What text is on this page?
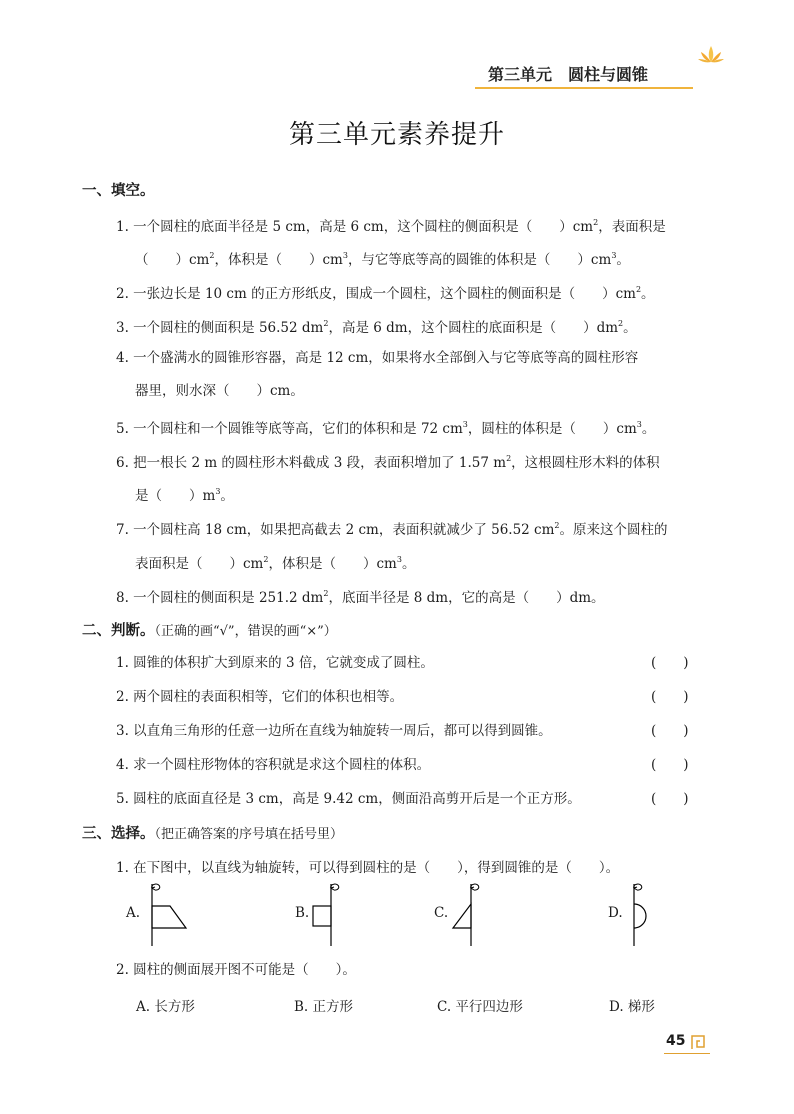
第三单元 圆柱与圆锥
第三单元素养提升
一、填空。
1. 一个圆柱的底面半径是 5 cm，高是 6 cm，这个圆柱的侧面积是（　　）$cm^2$，表面积是
（　　）$cm^2$，体积是（　　）$cm^3$，与它等底等高的圆锥的体积是（　　）$cm^3$。
2. 一张边长是 10 cm 的正方形纸皮，围成一个圆柱，这个圆柱的侧面积是（　　）$cm^2$。
3. 一个圆柱的侧面积是 56.52 $dm^2$，高是 6 dm，这个圆柱的底面积是（　　）$dm^2$。
4. 一个盛满水的圆锥形容器，高是 12 cm，如果将水全部倒入与它等底等高的圆柱形容
器里，则水深（　　）cm。
5. 一个圆柱和一个圆锥等底等高，它们的体积和是 72 $cm^3$，圆柱的体积是（　　）$cm^3$。
6. 把一根长 2 m 的圆柱形木料截成 3 段，表面积增加了 1.57 $m^2$，这根圆柱形木料的体积
是（　　）$m^3$。
7. 一个圆柱高 18 cm，如果把高截去 2 cm，表面积就减少了 56.52 $cm^2$。原来这个圆柱的
表面积是（　　）$cm^2$，体积是（　　）$cm^3$。
8. 一个圆柱的侧面积是 251.2 $dm^2$，底面半径是 8 dm，它的高是（　　）dm。
二、判断。（正确的画“√”，错误的画“×”）
1. 圆锥的体积扩大到原来的 3 倍，它就变成了圆柱。	(　　)
2. 两个圆柱的表面积相等，它们的体积也相等。	(　　)
3. 以直角三角形的任意一边所在直线为轴旋转一周后，都可以得到圆锥。	(　　)
4. 求一个圆柱形物体的容积就是求这个圆柱的体积。	(　　)
5. 圆柱的底面直径是 3 cm，高是 9.42 cm，侧面沿高剪开后是一个正方形。	(　　)
三、选择。（把正确答案的序号填在括号里）
1. 在下图中，以直线为轴旋转，可以得到圆柱的是（　　），得到圆锥的是（　　）。
A.	B.	C.	D.
2. 圆柱的侧面展开图不可能是（　　）。
A. 长方形	B. 正方形	C. 平行四边形	D. 梯形
45
